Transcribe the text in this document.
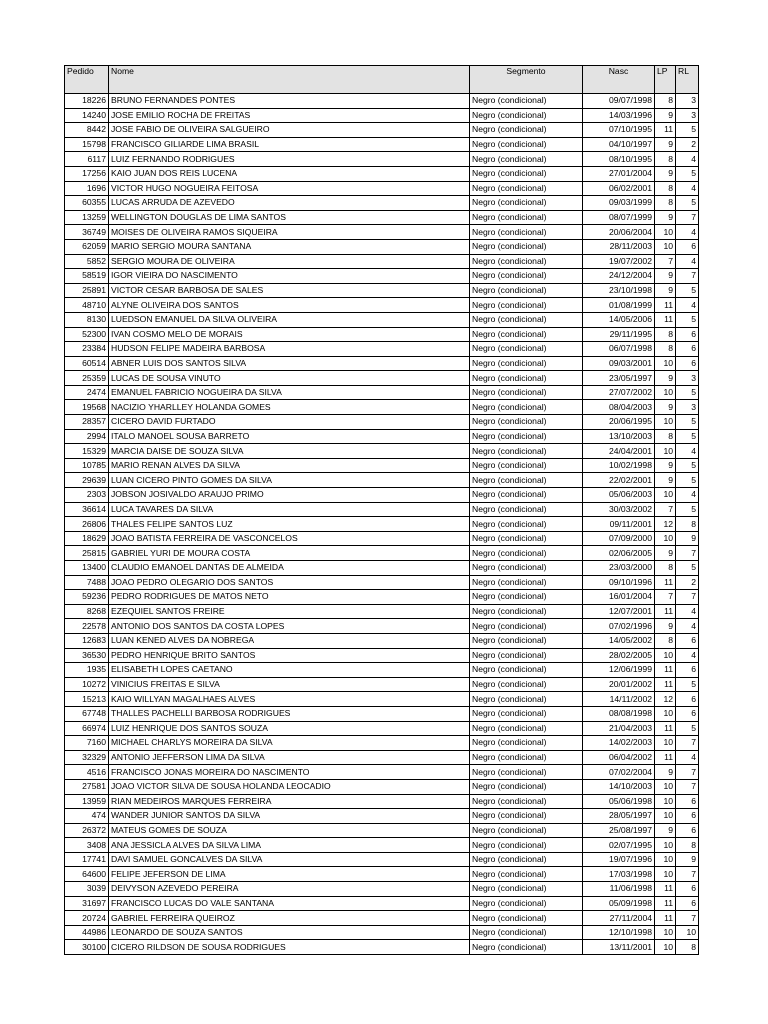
Pedido	Nome	Segmento	Nasc	LP	RL
18226	BRUNO FERNANDES PONTES	Negro (condicional)	09/07/1998	8	3
14240	JOSE EMILIO ROCHA DE FREITAS	Negro (condicional)	14/03/1996	9	3
8442	JOSE FABIO DE OLIVEIRA SALGUEIRO	Negro (condicional)	07/10/1995	11	5
15798	FRANCISCO GILIARDE LIMA BRASIL	Negro (condicional)	04/10/1997	9	2
6117	LUIZ FERNANDO RODRIGUES	Negro (condicional)	08/10/1995	8	4
17256	KAIO JUAN DOS REIS LUCENA	Negro (condicional)	27/01/2004	9	5
1696	VICTOR HUGO NOGUEIRA FEITOSA	Negro (condicional)	06/02/2001	8	4
60355	LUCAS ARRUDA DE AZEVEDO	Negro (condicional)	09/03/1999	8	5
13259	WELLINGTON DOUGLAS DE LIMA SANTOS	Negro (condicional)	08/07/1999	9	7
36749	MOISES DE OLIVEIRA RAMOS SIQUEIRA	Negro (condicional)	20/06/2004	10	4
62059	MARIO SERGIO MOURA SANTANA	Negro (condicional)	28/11/2003	10	6
5852	SERGIO MOURA DE OLIVEIRA	Negro (condicional)	19/07/2002	7	4
58519	IGOR VIEIRA DO NASCIMENTO	Negro (condicional)	24/12/2004	9	7
25891	VICTOR CESAR BARBOSA DE SALES	Negro (condicional)	23/10/1998	9	5
48710	ALYNE OLIVEIRA DOS SANTOS	Negro (condicional)	01/08/1999	11	4
8130	LUEDSON EMANUEL DA SILVA OLIVEIRA	Negro (condicional)	14/05/2006	11	5
52300	IVAN COSMO MELO DE MORAIS	Negro (condicional)	29/11/1995	8	6
23384	HUDSON FELIPE MADEIRA BARBOSA	Negro (condicional)	06/07/1998	8	6
60514	ABNER LUIS DOS SANTOS SILVA	Negro (condicional)	09/03/2001	10	6
25359	LUCAS DE SOUSA VINUTO	Negro (condicional)	23/05/1997	9	3
2474	EMANUEL FABRICIO NOGUEIRA DA SILVA	Negro (condicional)	27/07/2002	10	5
19568	NACIZIO YHARLLEY HOLANDA GOMES	Negro (condicional)	08/04/2003	9	3
28357	CICERO DAVID FURTADO	Negro (condicional)	20/06/1995	10	5
2994	ITALO MANOEL SOUSA BARRETO	Negro (condicional)	13/10/2003	8	5
15329	MARCIA DAISE DE SOUZA SILVA	Negro (condicional)	24/04/2001	10	4
10785	MARIO RENAN ALVES DA SILVA	Negro (condicional)	10/02/1998	9	5
29639	LUAN CICERO PINTO GOMES DA SILVA	Negro (condicional)	22/02/2001	9	5
2303	JOBSON JOSIVALDO ARAUJO PRIMO	Negro (condicional)	05/06/2003	10	4
36614	LUCA TAVARES DA SILVA	Negro (condicional)	30/03/2002	7	5
26806	THALES FELIPE SANTOS LUZ	Negro (condicional)	09/11/2001	12	8
18629	JOAO BATISTA FERREIRA DE VASCONCELOS	Negro (condicional)	07/09/2000	10	9
25815	GABRIEL YURI DE MOURA COSTA	Negro (condicional)	02/06/2005	9	7
13400	CLAUDIO EMANOEL DANTAS DE ALMEIDA	Negro (condicional)	23/03/2000	8	5
7488	JOAO PEDRO OLEGARIO DOS SANTOS	Negro (condicional)	09/10/1996	11	2
59236	PEDRO RODRIGUES DE MATOS NETO	Negro (condicional)	16/01/2004	7	7
8268	EZEQUIEL SANTOS FREIRE	Negro (condicional)	12/07/2001	11	4
22578	ANTONIO DOS SANTOS DA COSTA LOPES	Negro (condicional)	07/02/1996	9	4
12683	LUAN KENED ALVES DA NOBREGA	Negro (condicional)	14/05/2002	8	6
36530	PEDRO HENRIQUE BRITO SANTOS	Negro (condicional)	28/02/2005	10	4
1935	ELISABETH LOPES CAETANO	Negro (condicional)	12/06/1999	11	6
10272	VINICIUS FREITAS E SILVA	Negro (condicional)	20/01/2002	11	5
15213	KAIO WILLYAN MAGALHAES ALVES	Negro (condicional)	14/11/2002	12	6
67748	THALLES PACHELLI BARBOSA RODRIGUES	Negro (condicional)	08/08/1998	10	6
66974	LUIZ HENRIQUE DOS SANTOS SOUZA	Negro (condicional)	21/04/2003	11	5
7160	MICHAEL CHARLYS MOREIRA DA SILVA	Negro (condicional)	14/02/2003	10	7
32329	ANTONIO JEFFERSON LIMA DA SILVA	Negro (condicional)	06/04/2002	11	4
4516	FRANCISCO JONAS MOREIRA DO NASCIMENTO	Negro (condicional)	07/02/2004	9	7
27581	JOAO VICTOR SILVA DE SOUSA HOLANDA LEOCADIO	Negro (condicional)	14/10/2003	10	7
13959	RIAN MEDEIROS MARQUES FERREIRA	Negro (condicional)	05/06/1998	10	6
474	WANDER JUNIOR SANTOS DA SILVA	Negro (condicional)	28/05/1997	10	6
26372	MATEUS GOMES DE SOUZA	Negro (condicional)	25/08/1997	9	6
3408	ANA JESSICLA ALVES DA SILVA LIMA	Negro (condicional)	02/07/1995	10	8
17741	DAVI SAMUEL GONCALVES DA SILVA	Negro (condicional)	19/07/1996	10	9
64600	FELIPE JEFERSON DE LIMA	Negro (condicional)	17/03/1998	10	7
3039	DEIVYSON AZEVEDO PEREIRA	Negro (condicional)	11/06/1998	11	6
31697	FRANCISCO LUCAS DO VALE SANTANA	Negro (condicional)	05/09/1998	11	6
20724	GABRIEL FERREIRA QUEIROZ	Negro (condicional)	27/11/2004	11	7
44986	LEONARDO DE SOUZA SANTOS	Negro (condicional)	12/10/1998	10	10
30100	CICERO RILDSON DE SOUSA RODRIGUES	Negro (condicional)	13/11/2001	10	8
